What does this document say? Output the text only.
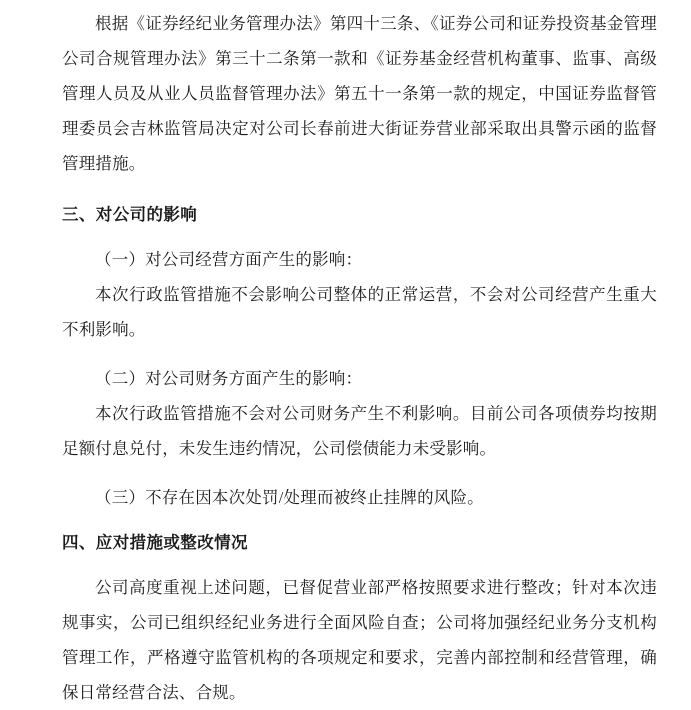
根据《证券经纪业务管理办法》第四十三条、《证券公司和证券投资基金管理公司合规管理办法》第三十二条第一款和《证券基金经营机构董事、监事、高级管理人员及从业人员监督管理办法》第五十一条第一款的规定，中国证券监督管理委员会吉林监管局决定对公司长春前进大街证券营业部采取出具警示函的监督管理措施。

三、对公司的影响

（一）对公司经营方面产生的影响：

本次行政监管措施不会影响公司整体的正常运营，不会对公司经营产生重大不利影响。

（二）对公司财务方面产生的影响：

本次行政监管措施不会对公司财务产生不利影响。目前公司各项债券均按期足额付息兑付，未发生违约情况，公司偿债能力未受影响。

（三）不存在因本次处罚/处理而被终止挂牌的风险。

四、应对措施或整改情况

公司高度重视上述问题，已督促营业部严格按照要求进行整改；针对本次违规事实，公司已组织经纪业务进行全面风险自查；公司将加强经纪业务分支机构管理工作，严格遵守监管机构的各项规定和要求，完善内部控制和经营管理，确保日常经营合法、合规。
